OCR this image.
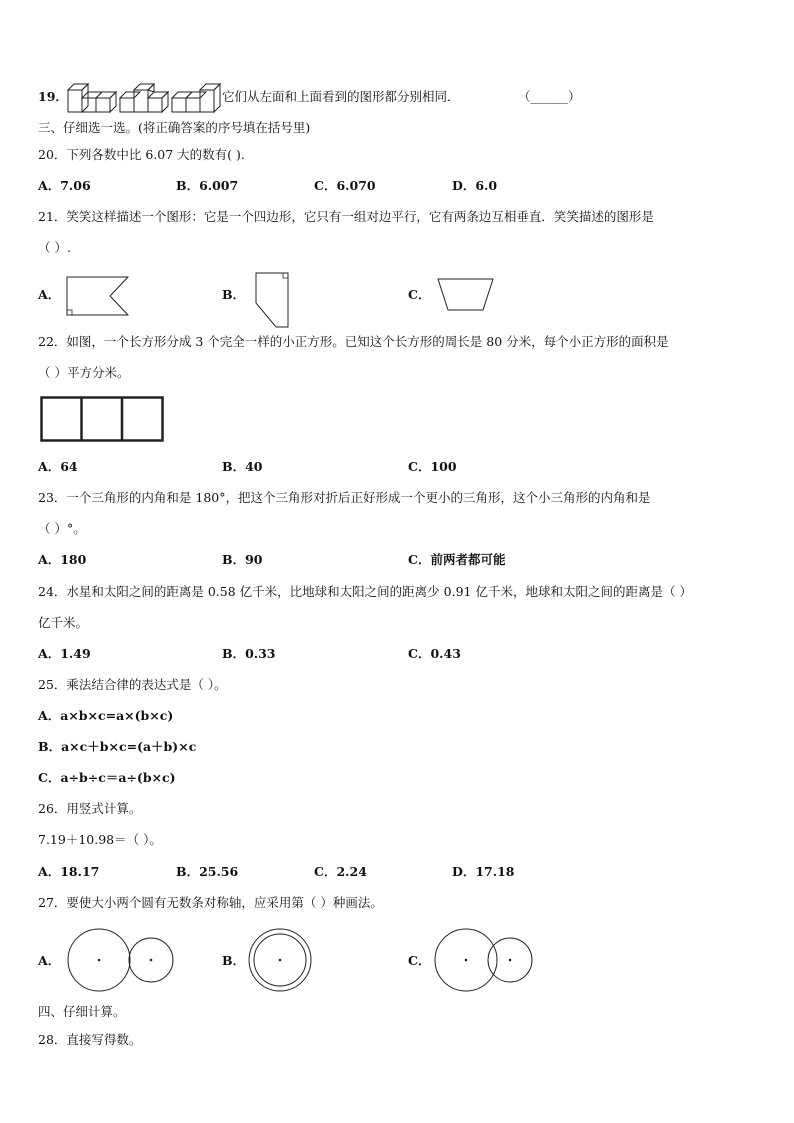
19．	它们从左面和上面看到的图形都分别相同．	（______）
三、仔细选一选。(将正确答案的序号填在括号里)
20．下列各数中比 6.07 大的数有( ).
A．7.06	B．6.007	C．6.070	D．6.0
21．笑笑这样描述一个图形：它是一个四边形，它只有一组对边平行，它有两条边互相垂直．笑笑描述的图形是
（ ）.
A．	B．	C．
22．如图，一个长方形分成 3 个完全一样的小正方形。已知这个长方形的周长是 80 分米，每个小正方形的面积是
（ ）平方分米。
A．64	B．40	C．100
23．一个三角形的内角和是 180°，把这个三角形对折后正好形成一个更小的三角形，这个小三角形的内角和是
（ ）°。
A．180	B．90	C．前两者都可能
24．水星和太阳之间的距离是 0.58 亿千米，比地球和太阳之间的距离少 0.91 亿千米，地球和太阳之间的距离是（ ）
亿千米。
A．1.49	B．0.33	C．0.43
25．乘法结合律的表达式是（ ）。
A．a×b×c=a×(b×c)
B．a×c＋b×c=(a＋b)×c
C．a÷b÷c＝a÷(b×c)
26．用竖式计算。
7.19＋10.98＝（ ）。
A．18.17	B．25.56	C．2.24	D．17.18
27．要使大小两个圆有无数条对称轴，应采用第（ ）种画法。
A．	B．	C．
四、仔细计算。
28．直接写得数。
